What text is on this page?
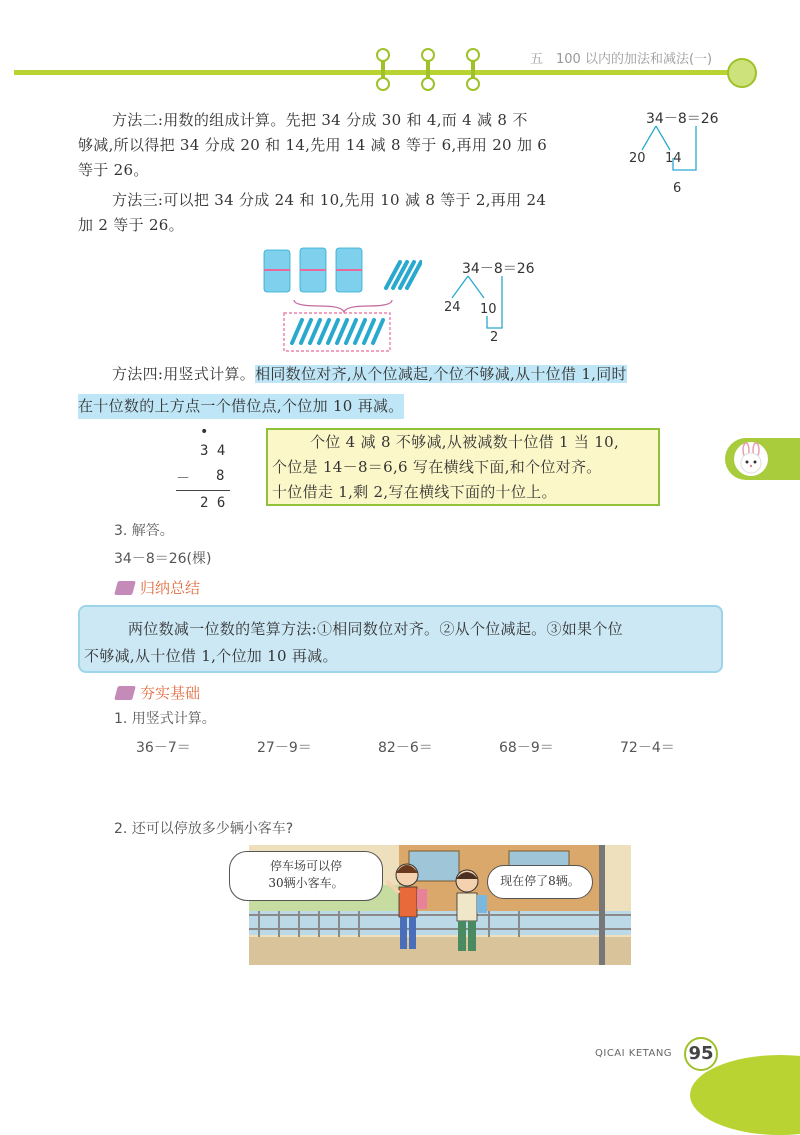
五　100 以内的加法和减法(一)
方法二:用数的组成计算。先把 34 分成 30 和 4,而 4 减 8 不
够减,所以得把 34 分成 20 和 14,先用 14 减 8 等于 6,再用 20 加 6
等于 26。
34－8＝26
20 14
6
方法三:可以把 34 分成 24 和 10,先用 10 减 8 等于 2,再用 24
加 2 等于 26。
34－8＝26
24 10
2
方法四:用竖式计算。相同数位对齐,从个位减起,个位不够减,从十位借 1,同时
在十位数的上方点一个借位点,个位加 10 再减。
•
3 4
－ 8
2 6
个位 4 减 8 不够减,从被减数十位借 1 当 10,
个位是 14－8＝6,6 写在横线下面,和个位对齐。
十位借走 1,剩 2,写在横线下面的十位上。
3. 解答。
34－8＝26(棵)
归纳总结
两位数减一位数的笔算方法:①相同数位对齐。②从个位减起。③如果个位
不够减,从十位借 1,个位加 10 再减。
夯实基础
1. 用竖式计算。
36－7＝	27－9＝	82－6＝	68－9＝	72－4＝
2. 还可以停放多少辆小客车?
停车场可以停
30辆小客车。	现在停了8辆。
QICAI KETANG 95
